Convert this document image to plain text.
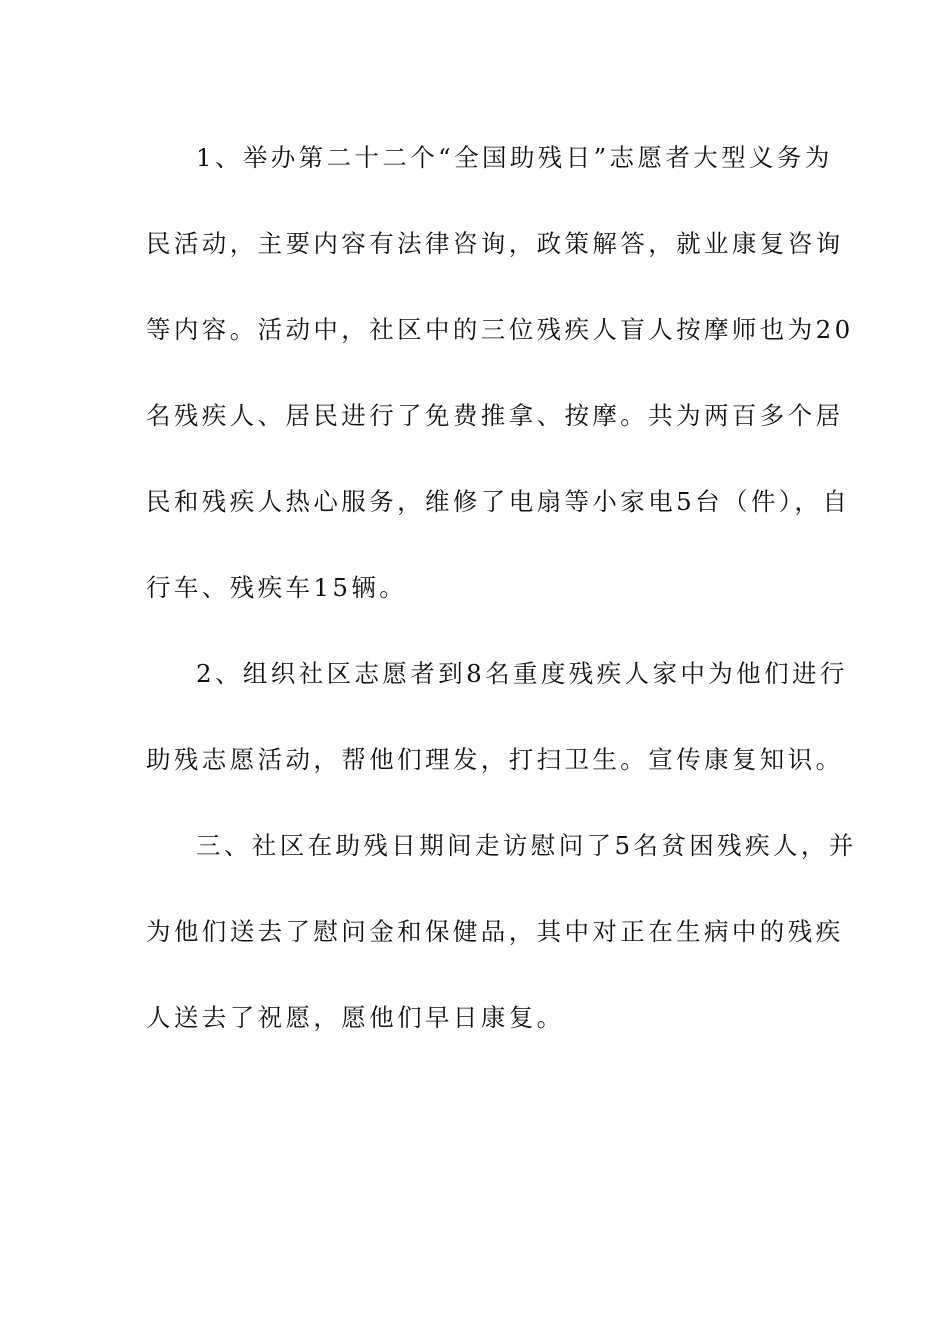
1、举办第二十二个“全国助残日”志愿者大型义务为
民活动，主要内容有法律咨询，政策解答，就业康复咨询
等内容。活动中，社区中的三位残疾人盲人按摩师也为20
名残疾人、居民进行了免费推拿、按摩。共为两百多个居
民和残疾人热心服务，维修了电扇等小家电5台（件），自
行车、残疾车15辆。
2、组织社区志愿者到8名重度残疾人家中为他们进行
助残志愿活动，帮他们理发，打扫卫生。宣传康复知识。
三、社区在助残日期间走访慰问了5名贫困残疾人，并
为他们送去了慰问金和保健品，其中对正在生病中的残疾
人送去了祝愿，愿他们早日康复。
